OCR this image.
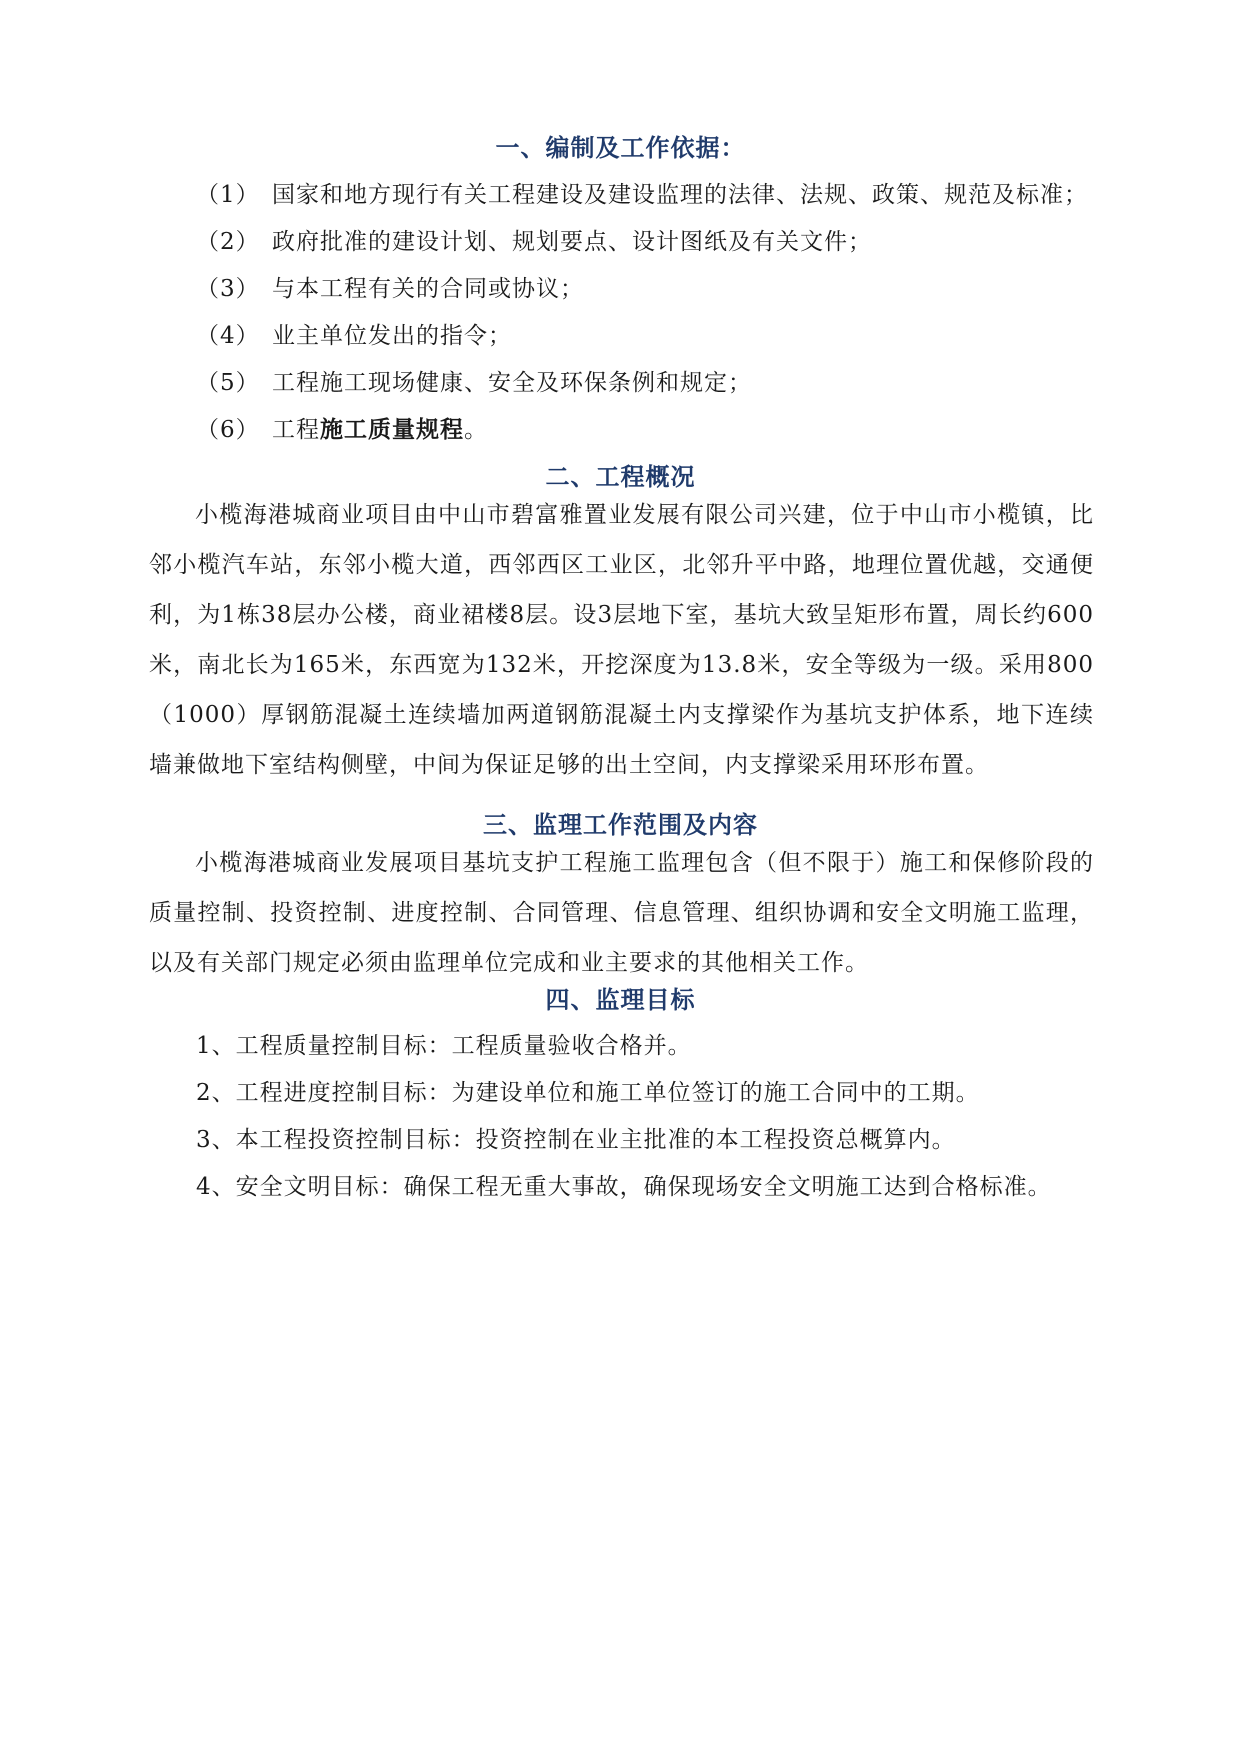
一、编制及工作依据：
（1） 国家和地方现行有关工程建设及建设监理的法律、法规、政策、规范及标准；
（2） 政府批准的建设计划、规划要点、设计图纸及有关文件；
（3） 与本工程有关的合同或协议；
（4） 业主单位发出的指令；
（5） 工程施工现场健康、安全及环保条例和规定；
（6） 工程施工质量规程。
二、工程概况
小榄海港城商业项目由中山市碧富雅置业发展有限公司兴建，位于中山市小榄镇，比邻小榄汽车站，东邻小榄大道，西邻西区工业区，北邻升平中路，地理位置优越，交通便利，为1栋38层办公楼，商业裙楼8层。设3层地下室，基坑大致呈矩形布置，周长约600米，南北长为165米，东西宽为132米，开挖深度为13.8米，安全等级为一级。采用800（1000）厚钢筋混凝土连续墙加两道钢筋混凝土内支撑梁作为基坑支护体系，地下连续墙兼做地下室结构侧壁，中间为保证足够的出土空间，内支撑梁采用环形布置。
三、监理工作范围及内容
小榄海港城商业发展项目基坑支护工程施工监理包含（但不限于）施工和保修阶段的质量控制、投资控制、进度控制、合同管理、信息管理、组织协调和安全文明施工监理，以及有关部门规定必须由监理单位完成和业主要求的其他相关工作。
四、监理目标
1、工程质量控制目标：工程质量验收合格并。
2、工程进度控制目标：为建设单位和施工单位签订的施工合同中的工期。
3、本工程投资控制目标：投资控制在业主批准的本工程投资总概算内。
4、安全文明目标：确保工程无重大事故，确保现场安全文明施工达到合格标准。
